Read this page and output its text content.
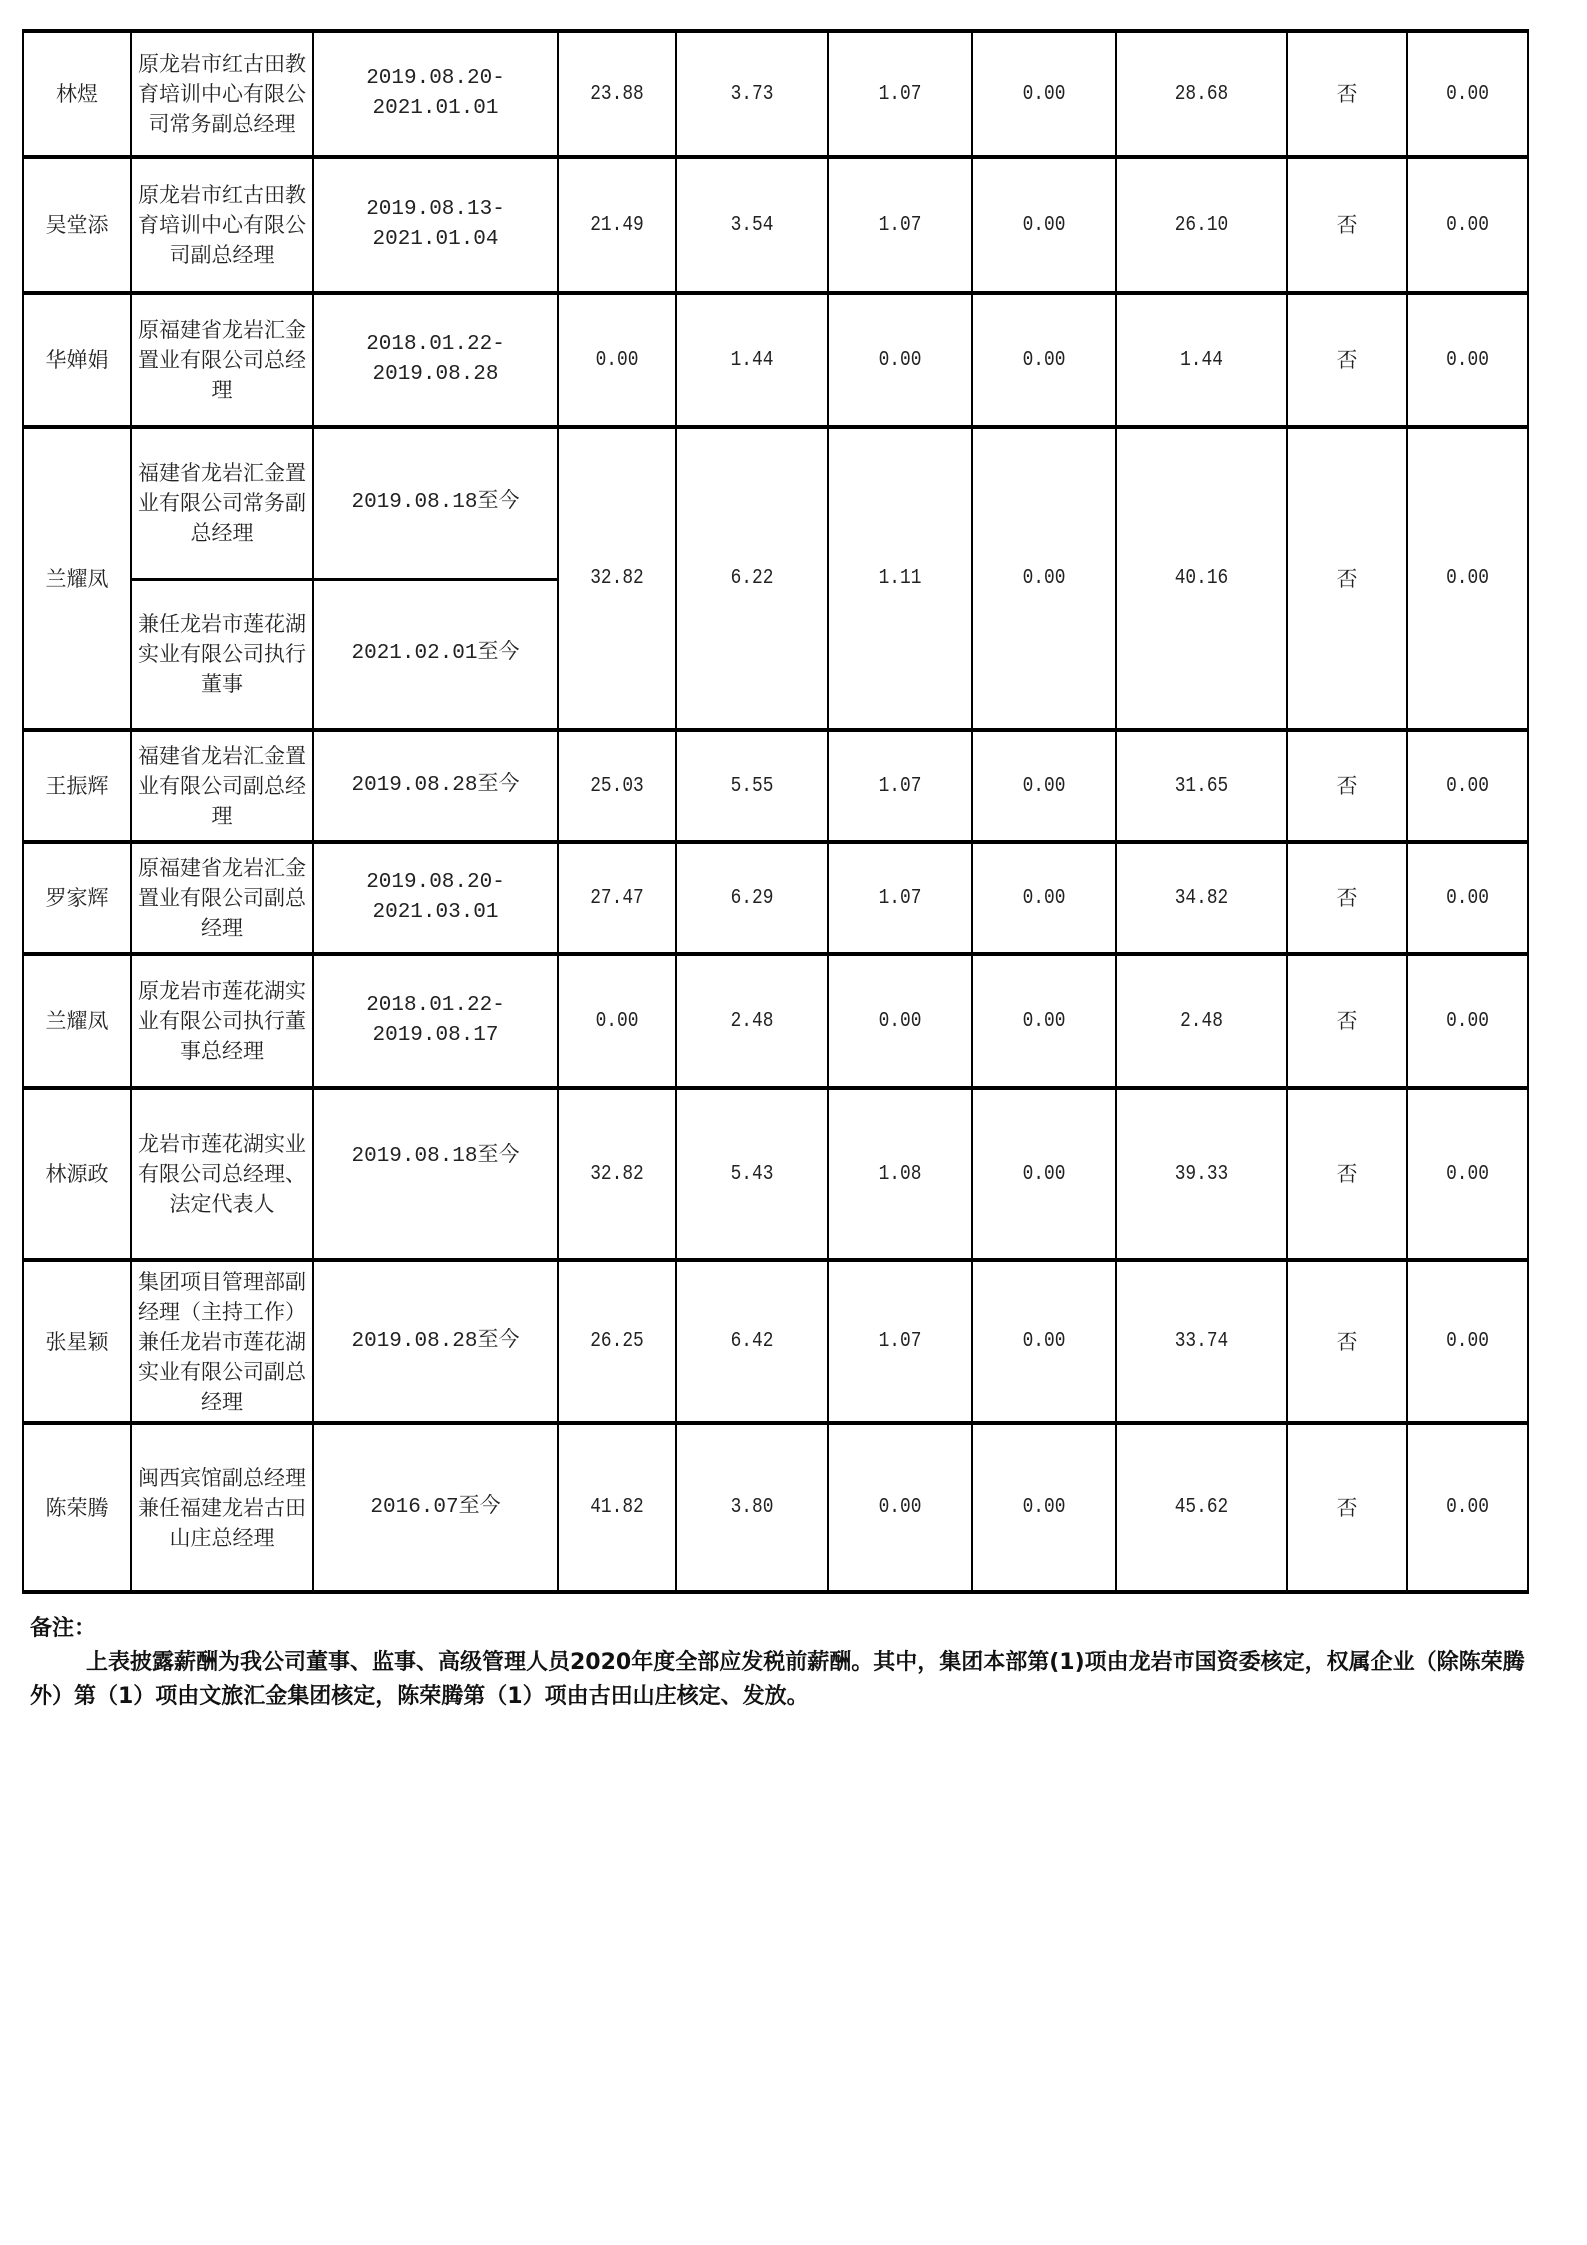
林煜	原龙岩市红古田教育培训中心有限公司常务副总经理	2019.08.20-2021.01.01	23.88	3.73	1.07	0.00	28.68	否	0.00
吴堂添	原龙岩市红古田教育培训中心有限公司副总经理	2019.08.13-2021.01.04	21.49	3.54	1.07	0.00	26.10	否	0.00
华婵娟	原福建省龙岩汇金置业有限公司总经理	2018.01.22-2019.08.28	0.00	1.44	0.00	0.00	1.44	否	0.00
兰耀凤	福建省龙岩汇金置业有限公司常务副总经理	2019.08.18至今	32.82	6.22	1.11	0.00	40.16	否	0.00
	兼任龙岩市莲花湖实业有限公司执行董事	2021.02.01至今							
王振辉	福建省龙岩汇金置业有限公司副总经理	2019.08.28至今	25.03	5.55	1.07	0.00	31.65	否	0.00
罗家辉	原福建省龙岩汇金置业有限公司副总经理	2019.08.20-2021.03.01	27.47	6.29	1.07	0.00	34.82	否	0.00
兰耀凤	原龙岩市莲花湖实业有限公司执行董事总经理	2018.01.22-2019.08.17	0.00	2.48	0.00	0.00	2.48	否	0.00
林源政	龙岩市莲花湖实业有限公司总经理、法定代表人	2019.08.18至今	32.82	5.43	1.08	0.00	39.33	否	0.00
张星颖	集团项目管理部副经理（主持工作）兼任龙岩市莲花湖实业有限公司副总经理	2019.08.28至今	26.25	6.42	1.07	0.00	33.74	否	0.00
陈荣腾	闽西宾馆副总经理兼任福建龙岩古田山庄总经理	2016.07至今	41.82	3.80	0.00	0.00	45.62	否	0.00
备注：
上表披露薪酬为我公司董事、监事、高级管理人员2020年度全部应发税前薪酬。其中，集团本部第(1)项由龙岩市国资委核定，权属企业（除陈荣腾外）第（1）项由文旅汇金集团核定，陈荣腾第（1）项由古田山庄核定、发放。
